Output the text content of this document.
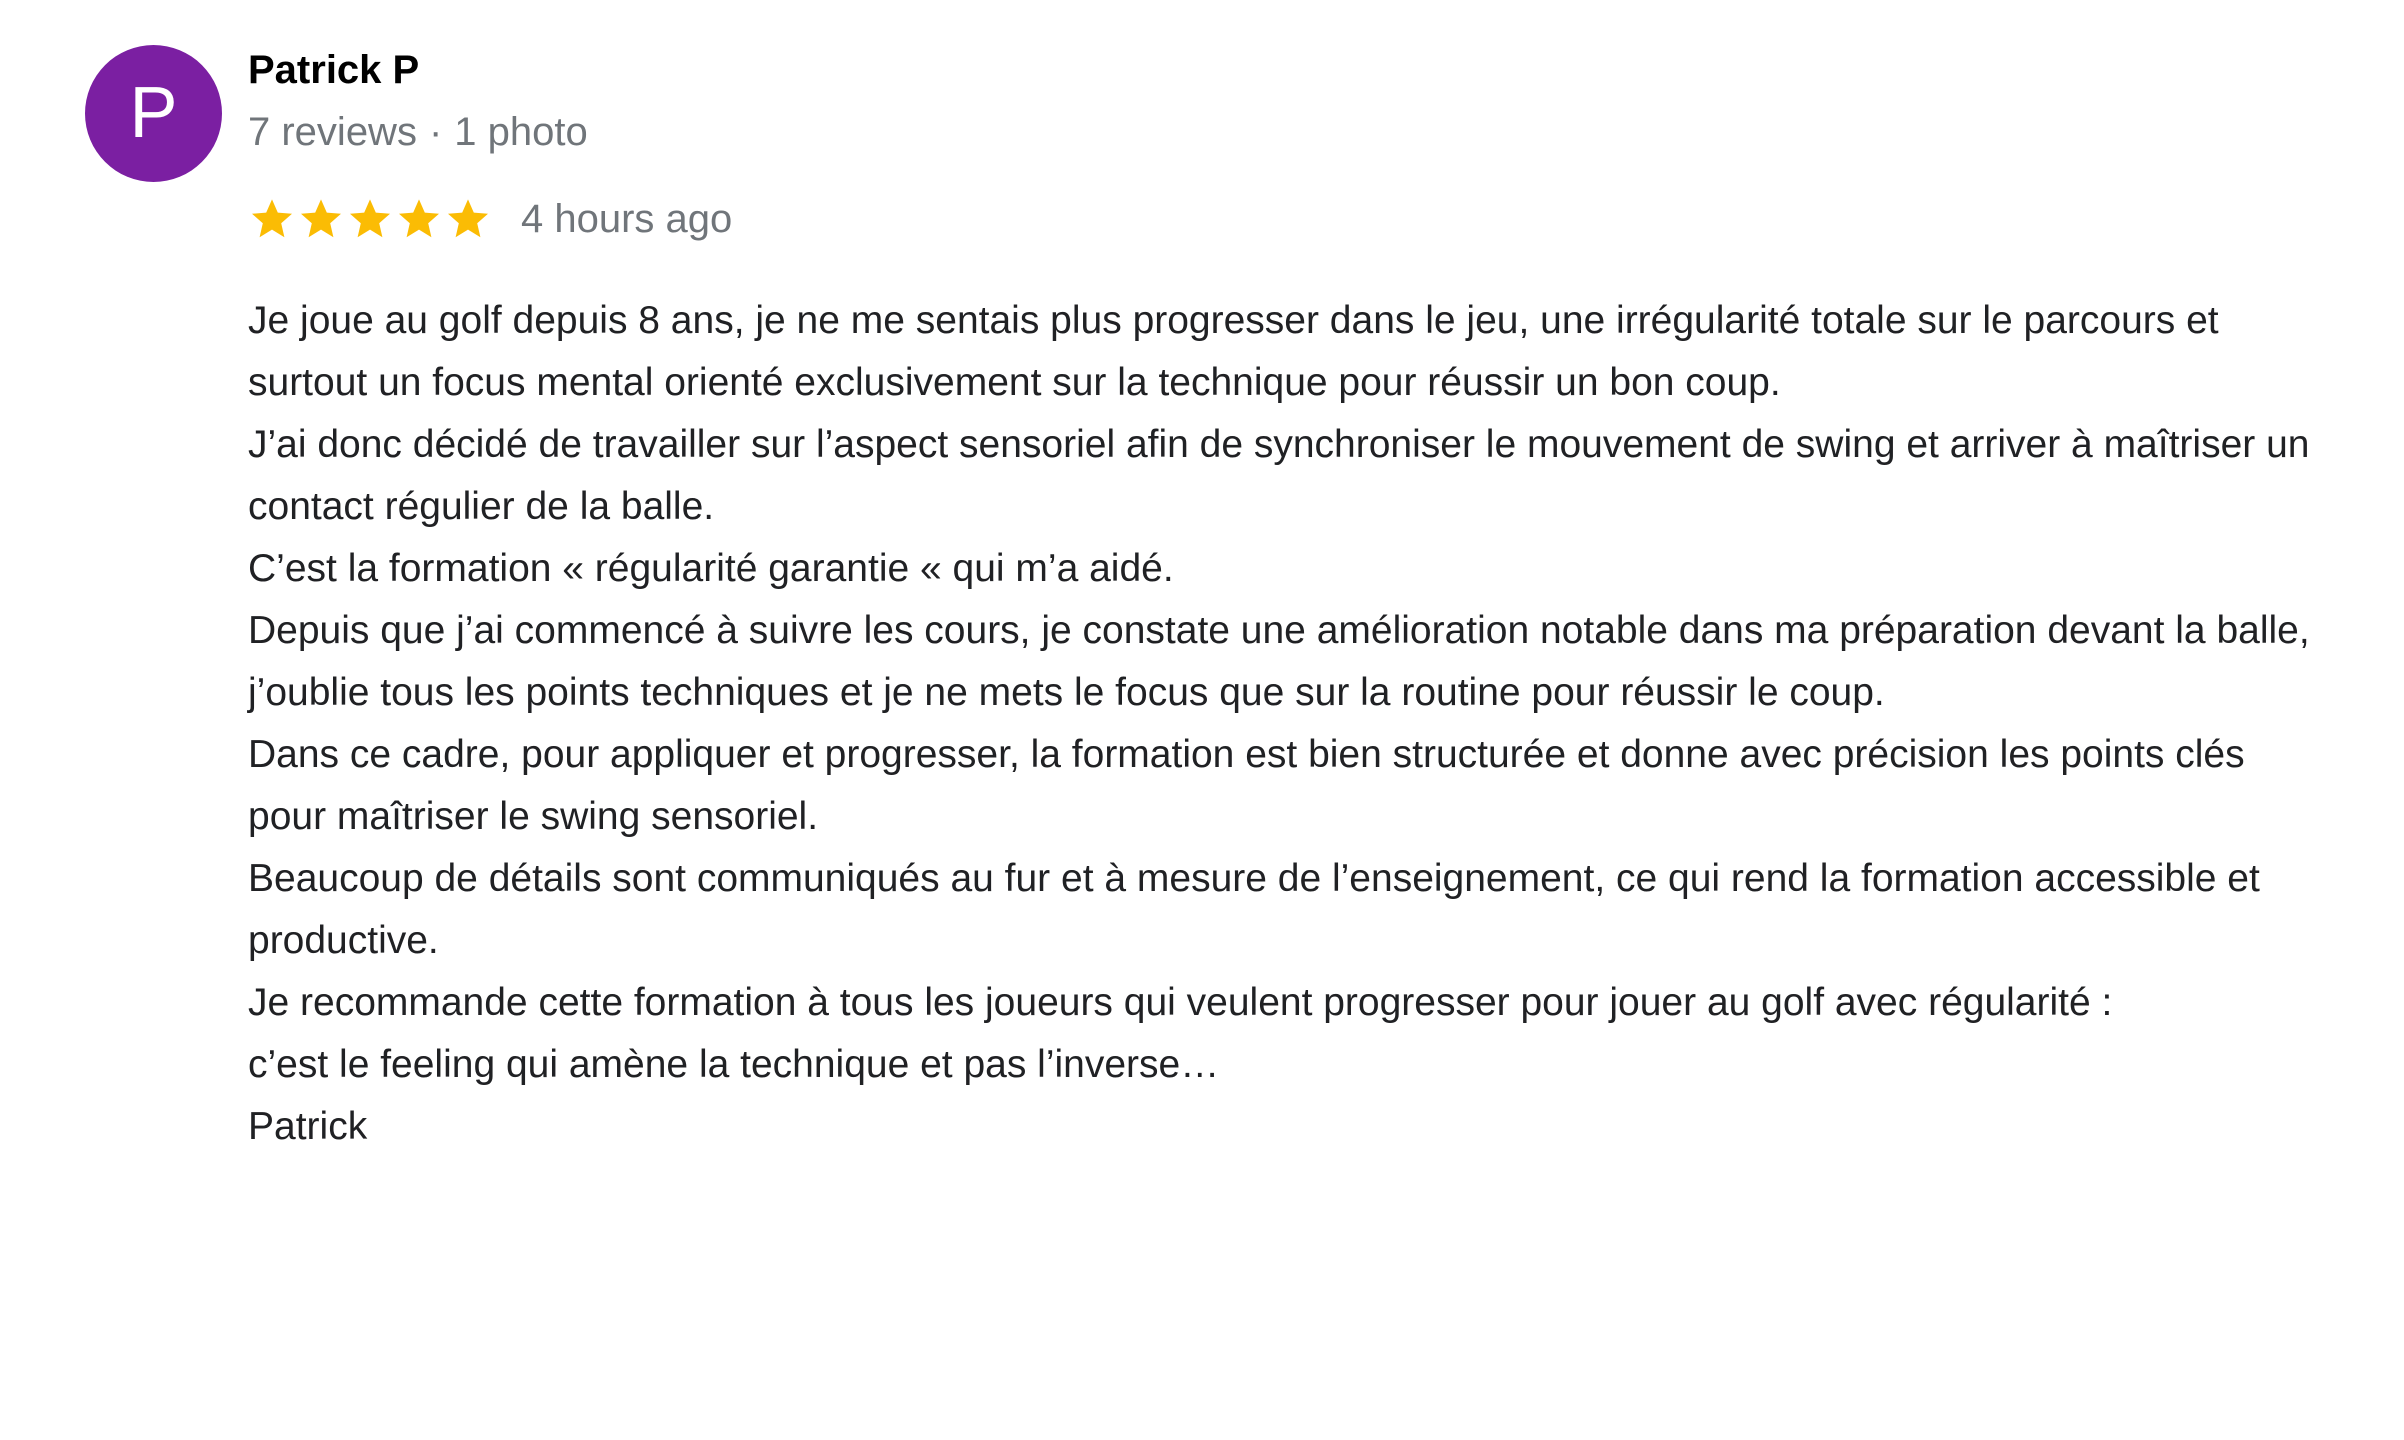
P
Patrick P
7 reviews · 1 photo
4 hours ago

Je joue au golf depuis 8 ans, je ne me sentais plus progresser dans le jeu, une irrégularité totale sur le parcours et surtout un focus mental orienté exclusivement sur la technique pour réussir un bon coup.

J’ai donc décidé de travailler sur l’aspect sensoriel afin de synchroniser le mouvement de swing et arriver à maîtriser un contact régulier de la balle.

C’est la formation « régularité garantie « qui m’a aidé.

Depuis que j’ai commencé à suivre les cours, je constate une amélioration notable dans ma préparation devant la balle, j’oublie tous les points techniques et je ne mets le focus que sur la routine pour réussir le coup.

Dans ce cadre, pour appliquer et progresser, la formation est bien structurée et donne avec précision les points clés pour maîtriser le swing sensoriel.

Beaucoup de détails sont communiqués au fur et à mesure de l’enseignement, ce qui rend la formation accessible et productive.

Je recommande cette formation à tous les joueurs qui veulent progresser pour jouer au golf avec régularité :

c’est le feeling qui amène la technique et pas l’inverse…

Patrick
